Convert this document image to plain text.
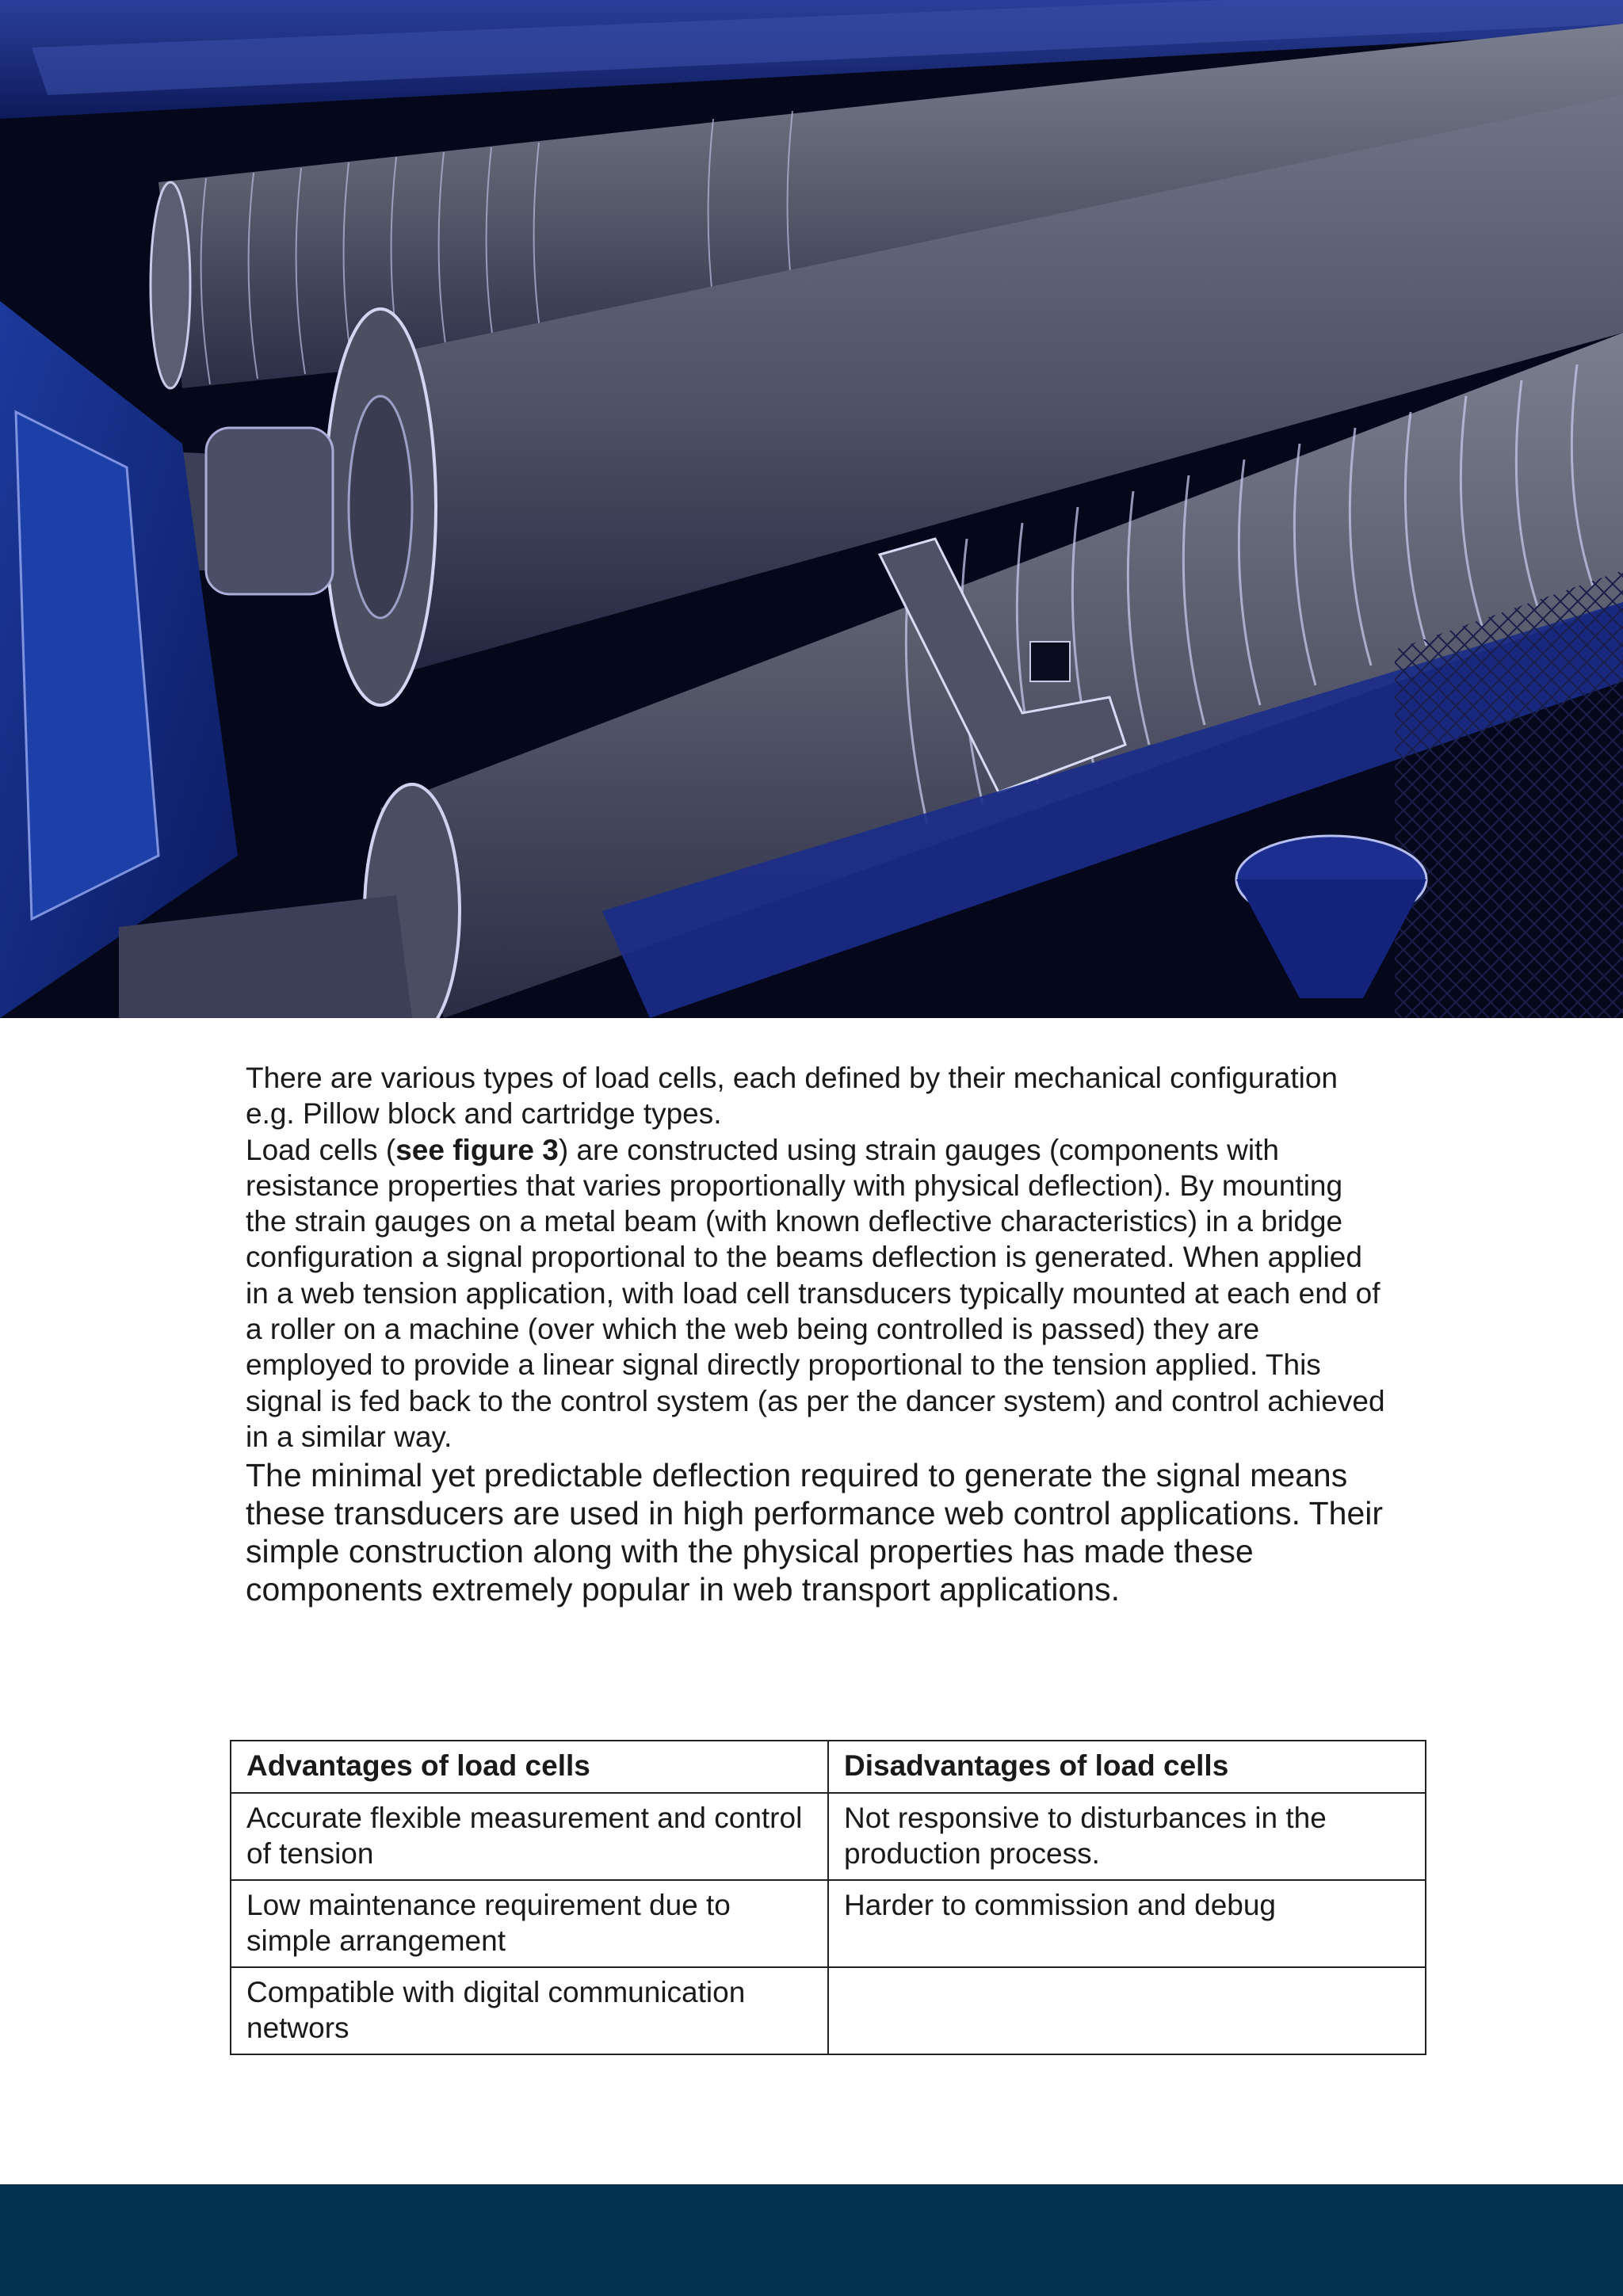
There are various types of load cells, each defined by their mechanical configuration e.g. Pillow block and cartridge types.

Load cells (see figure 3) are constructed using strain gauges (components with resistance properties that varies proportionally with physical deflection). By mounting the strain gauges on a metal beam (with known deflective characteristics) in a bridge configuration a signal proportional to the beams deflection is generated. When applied in a web tension application, with load cell transducers typically mounted at each end of a roller on a machine (over which the web being controlled is passed) they are employed to provide a linear signal directly proportional to the tension applied. This signal is fed back to the control system (as per the dancer system) and control achieved in a similar way.

The minimal yet predictable deflection required to generate the signal means these transducers are used in high performance web control applications. Their simple construction along with the physical properties has made these components extremely popular in web transport applications.

Advantages of load cells	Disadvantages of load cells
Accurate flexible measurement and control of tension	Not responsive to disturbances in the production process.
Low maintenance requirement due to simple arrangement	Harder to commission and debug
Compatible with digital communication networs	
